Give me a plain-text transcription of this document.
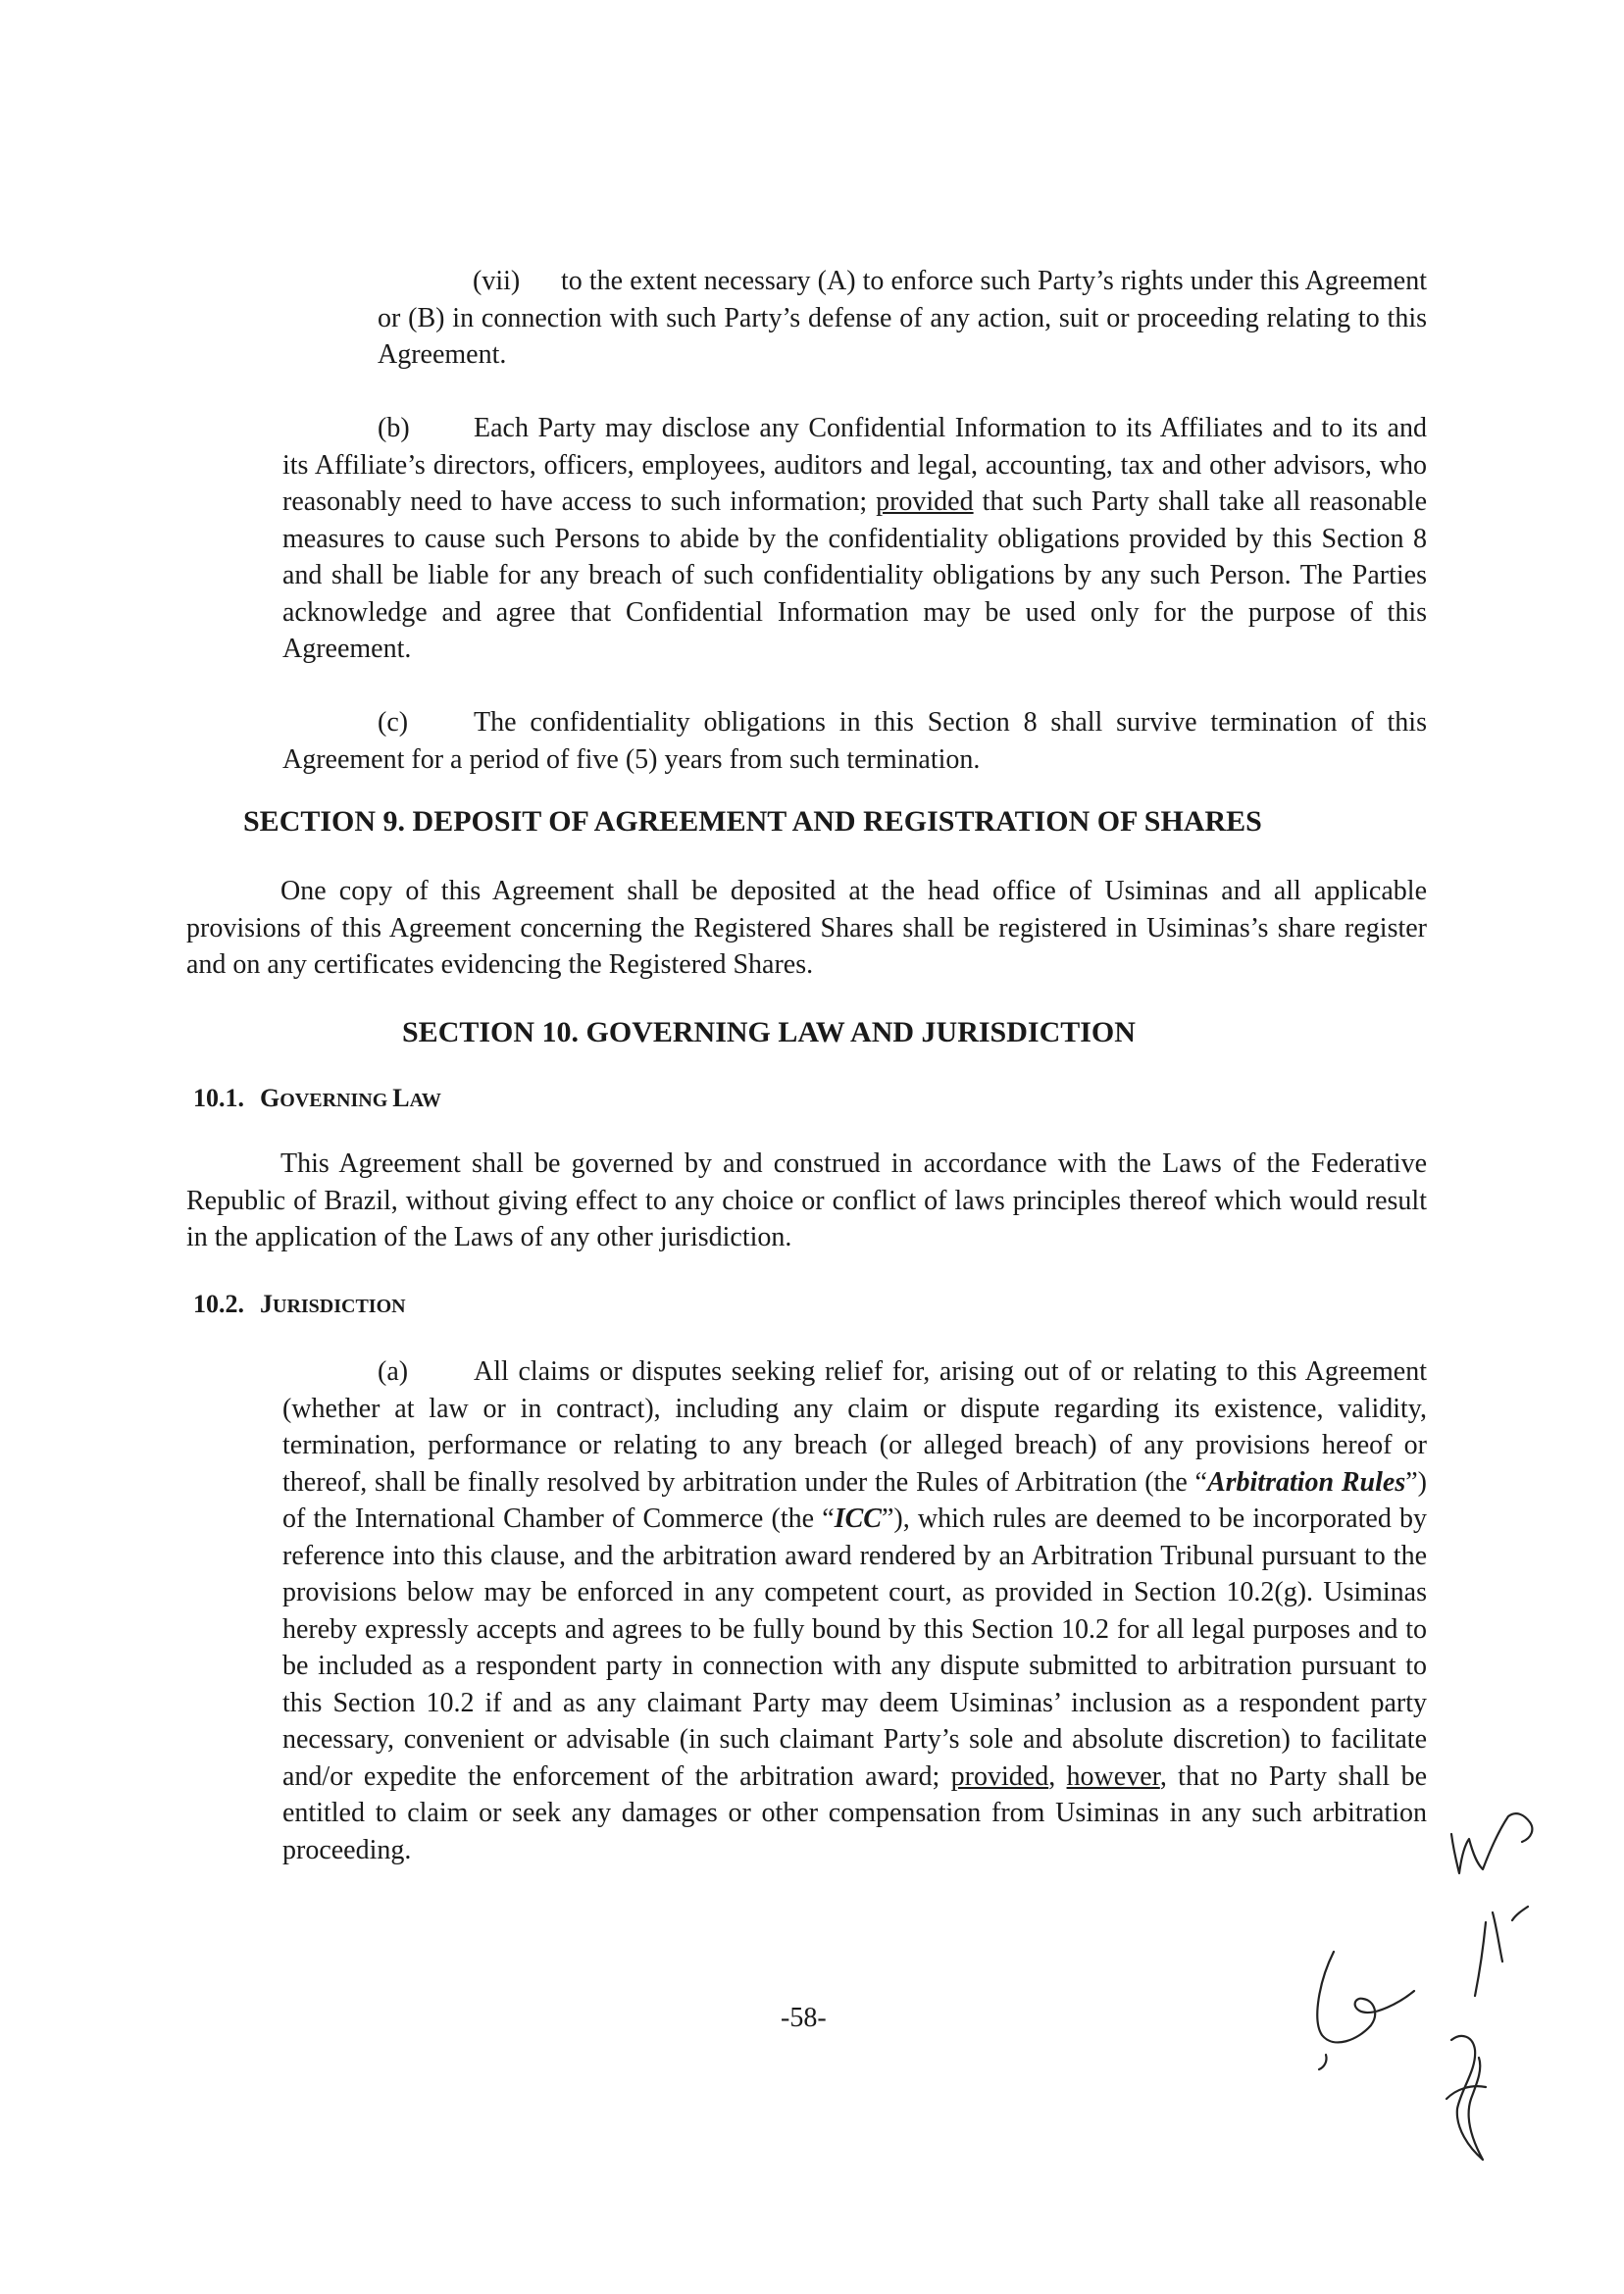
(vii) to the extent necessary (A) to enforce such Party’s rights under this Agreement or (B) in connection with such Party’s defense of any action, suit or proceeding relating to this Agreement.

(b) Each Party may disclose any Confidential Information to its Affiliates and to its and its Affiliate’s directors, officers, employees, auditors and legal, accounting, tax and other advisors, who reasonably need to have access to such information; provided that such Party shall take all reasonable measures to cause such Persons to abide by the confidentiality obligations provided by this Section 8 and shall be liable for any breach of such confidentiality obligations by any such Person. The Parties acknowledge and agree that Confidential Information may be used only for the purpose of this Agreement.

(c) The confidentiality obligations in this Section 8 shall survive termination of this Agreement for a period of five (5) years from such termination.

SECTION 9. DEPOSIT OF AGREEMENT AND REGISTRATION OF SHARES

One copy of this Agreement shall be deposited at the head office of Usiminas and all applicable provisions of this Agreement concerning the Registered Shares shall be registered in Usiminas’s share register and on any certificates evidencing the Registered Shares.

SECTION 10. GOVERNING LAW AND JURISDICTION
10.1. GOVERNING LAW

This Agreement shall be governed by and construed in accordance with the Laws of the Federative Republic of Brazil, without giving effect to any choice or conflict of laws principles thereof which would result in the application of the Laws of any other jurisdiction.

10.2. JURISDICTION

(a) All claims or disputes seeking relief for, arising out of or relating to this Agreement (whether at law or in contract), including any claim or dispute regarding its existence, validity, termination, performance or relating to any breach (or alleged breach) of any provisions hereof or thereof, shall be finally resolved by arbitration under the Rules of Arbitration (the “Arbitration Rules”) of the International Chamber of Commerce (the “ICC”), which rules are deemed to be incorporated by reference into this clause, and the arbitration award rendered by an Arbitration Tribunal pursuant to the provisions below may be enforced in any competent court, as provided in Section 10.2(g). Usiminas hereby expressly accepts and agrees to be fully bound by this Section 10.2 for all legal purposes and to be included as a respondent party in connection with any dispute submitted to arbitration pursuant to this Section 10.2 if and as any claimant Party may deem Usiminas’ inclusion as a respondent party necessary, convenient or advisable (in such claimant Party’s sole and absolute discretion) to facilitate and/or expedite the enforcement of the arbitration award; provided, however, that no Party shall be entitled to claim or seek any damages or other compensation from Usiminas in any such arbitration proceeding.

-58-
